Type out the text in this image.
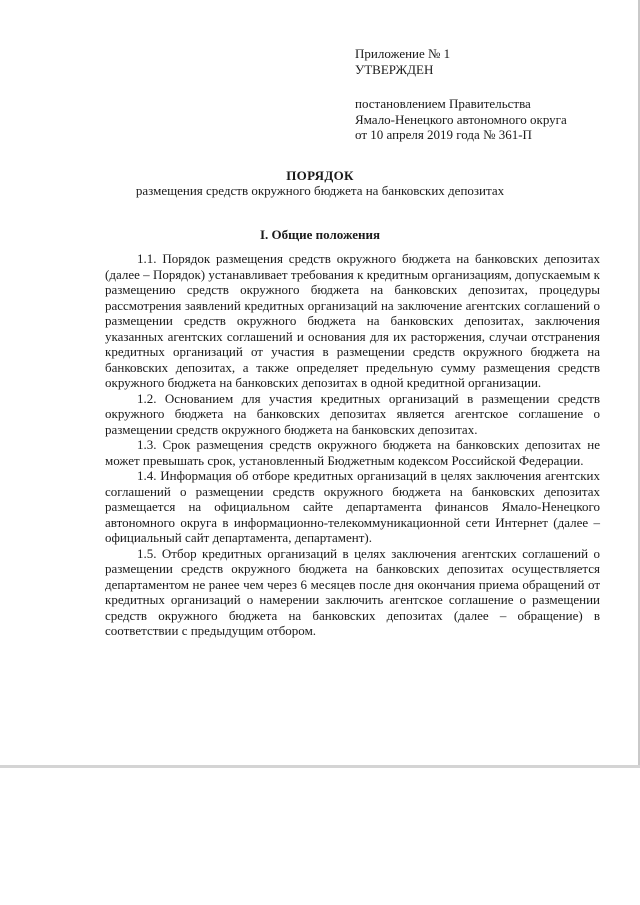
Приложение № 1
УТВЕРЖДЕН
постановлением Правительства
Ямало-Ненецкого автономного округа
от 10 апреля 2019 года № 361-П
ПОРЯДОК
размещения средств окружного бюджета на банковских депозитах
I. Общие положения

1.1. Порядок размещения средств окружного бюджета на банковских депозитах (далее – Порядок) устанавливает требования к кредитным организациям, допускаемым к размещению средств окружного бюджета на банковских депозитах, процедуры рассмотрения заявлений кредитных организаций на заключение агентских соглашений о размещении средств окружного бюджета на банковских депозитах, заключения указанных агентских соглашений и основания для их расторжения, случаи отстранения кредитных организаций от участия в размещении средств окружного бюджета на банковских депозитах, а также определяет предельную сумму размещения средств окружного бюджета на банковских депозитах в одной кредитной организации.

1.2. Основанием для участия кредитных организаций в размещении средств окружного бюджета на банковских депозитах является агентское соглашение о размещении средств окружного бюджета на банковских депозитах.

1.3. Срок размещения средств окружного бюджета на банковских депозитах не может превышать срок, установленный Бюджетным кодексом Российской Федерации.

1.4. Информация об отборе кредитных организаций в целях заключения агентских соглашений о размещении средств окружного бюджета на банковских депозитах размещается на официальном сайте департамента финансов Ямало-Ненецкого автономного округа в информационно-телекоммуникационной сети Интернет (далее – официальный сайт департамента, департамент).

1.5. Отбор кредитных организаций в целях заключения агентских соглашений о размещении средств окружного бюджета на банковских депозитах осуществляется департаментом не ранее чем через 6 месяцев после дня окончания приема обращений от кредитных организаций о намерении заключить агентское соглашение о размещении средств окружного бюджета на банковских депозитах (далее – обращение) в соответствии с предыдущим отбором.
